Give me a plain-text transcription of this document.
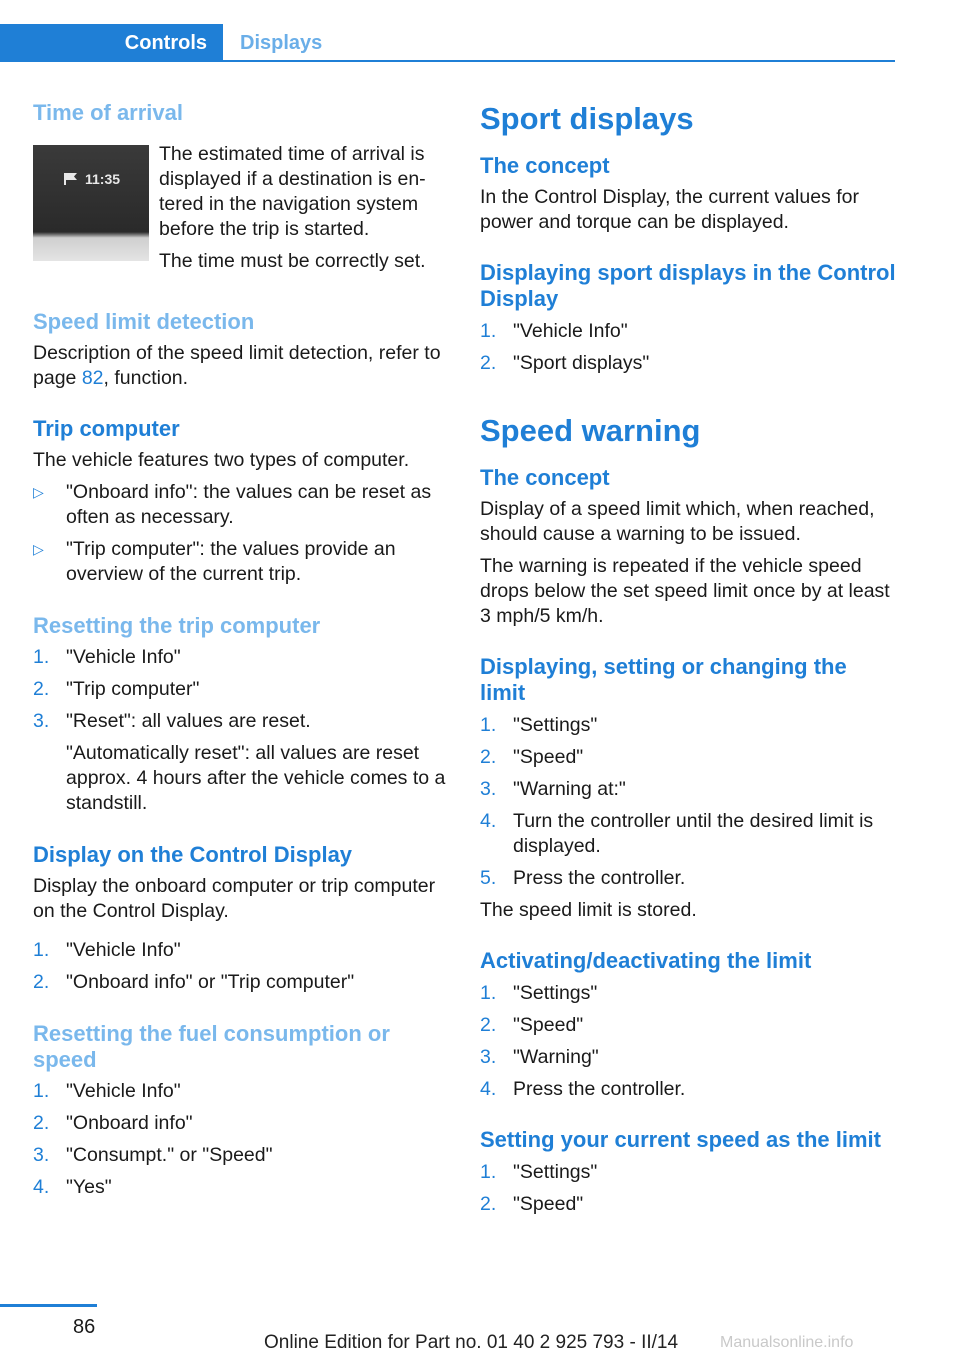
Controls Displays
Time of arrival
11:35

The estimated time of arrival is displayed if a destination is en‐ tered in the navigation system before the trip is started.

The time must be correctly set.

Speed limit detection

Description of the speed limit detection, refer to page 82, function.

Trip computer

The vehicle features two types of computer.

▷ "Onboard info": the values can be reset as often as necessary.
▷ "Trip computer": the values provide an overview of the current trip.
Resetting the trip computer
1. "Vehicle Info"
2. "Trip computer"
3. "Reset": all values are reset.
"Automatically reset": all values are reset approx. 4 hours after the vehicle comes to a standstill.
Display on the Control Display

Display the onboard computer or trip computer on the Control Display.

1. "Vehicle Info"
2. "Onboard info" or "Trip computer"
Resetting the fuel consumption or speed
1. "Vehicle Info"
2. "Onboard info"
3. "Consumpt." or "Speed"
4. "Yes"
Sport displays
The concept

In the Control Display, the current values for power and torque can be displayed.

Displaying sport displays in the Control Display
1. "Vehicle Info"
2. "Sport displays"
Speed warning
The concept

Display of a speed limit which, when reached, should cause a warning to be issued.

The warning is repeated if the vehicle speed drops below the set speed limit once by at least 3 mph/5 km/h.

Displaying, setting or changing the limit
1. "Settings"
2. "Speed"
3. "Warning at:"
4. Turn the controller until the desired limit is displayed.
5. Press the controller.

The speed limit is stored.

Activating/deactivating the limit
1. "Settings"
2. "Speed"
3. "Warning"
4. Press the controller.
Setting your current speed as the limit
1. "Settings"
2. "Speed"
86
Online Edition for Part no. 01 40 2 925 793 - II/14	Manualsonline.info
